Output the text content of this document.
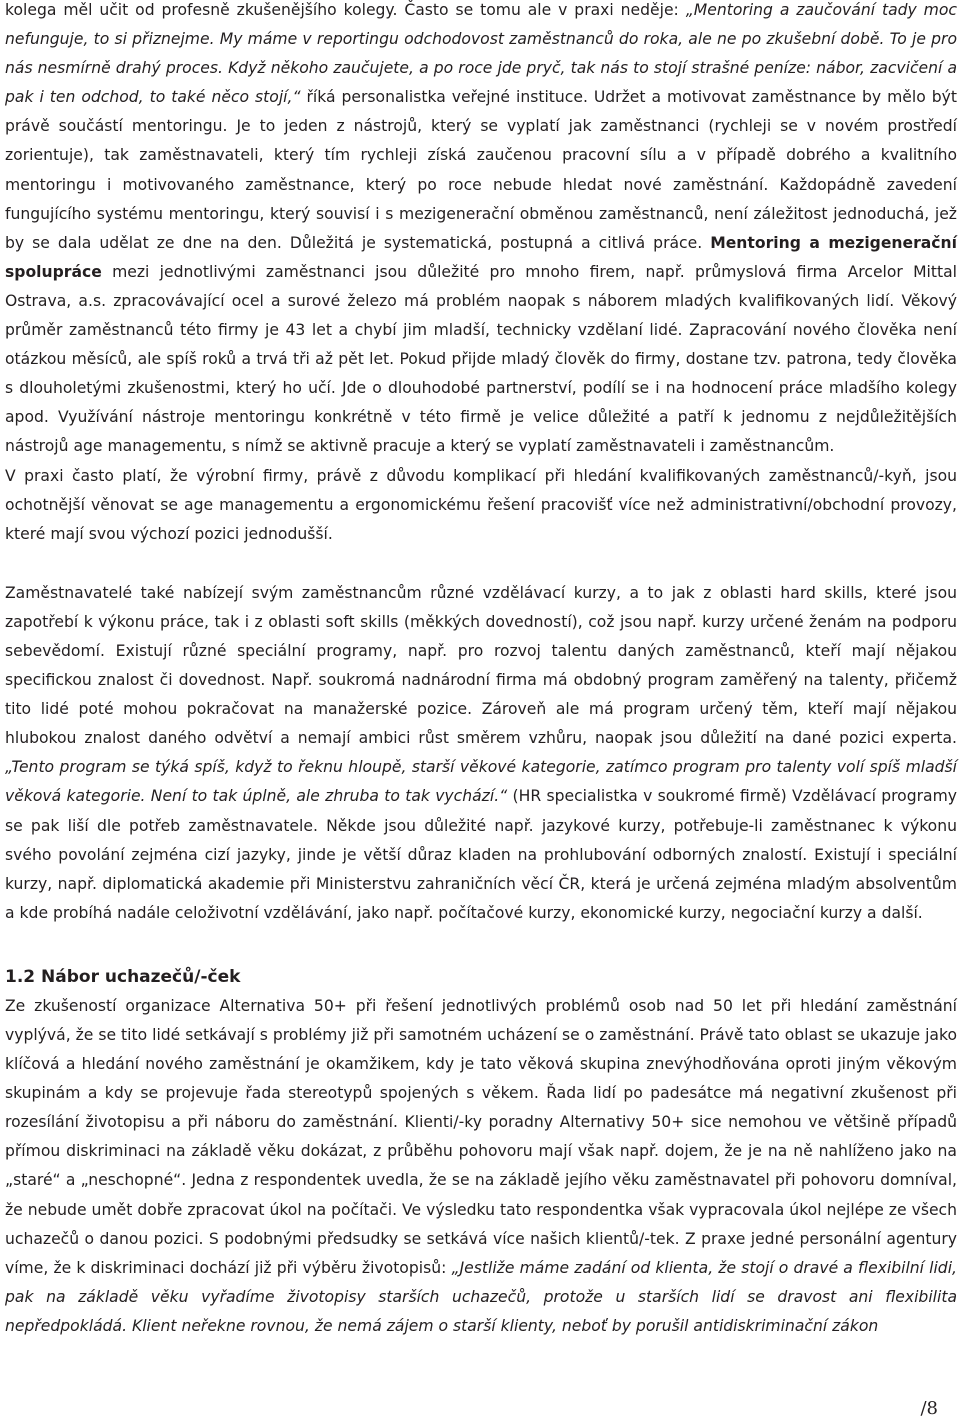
kolega měl učit od profesně zkušenějšího kolegy. Často se tomu ale v praxi neděje: „Mentoring a zaučování tady moc nefunguje, to si přiznejme. My máme v reportingu odchodovost zaměstnanců do roka, ale ne po zkušební době. To je pro nás nesmírně drahý proces. Když někoho zaučujete, a po roce jde pryč, tak nás to stojí strašné peníze: nábor, zacvičení a pak i ten odchod, to také něco stojí,“ říká personalistka veřejné instituce. Udržet a motivovat zaměstnance by mělo být právě součástí mentoringu. Je to jeden z nástrojů, který se vyplatí jak zaměstnanci (rychleji se v novém prostředí zorientuje), tak zaměstnavateli, který tím rychleji získá zaučenou pracovní sílu a v případě dobrého a kvalitního mentoringu i motivovaného zaměstnance, který po roce nebude hledat nové zaměstnání. Každopádně zavedení fungujícího systému mentoringu, který souvisí i s mezigenerační obměnou zaměstnanců, není záležitost jednoduchá, jež by se dala udělat ze dne na den. Důležitá je systematická, postupná a citlivá práce. Mentoring a mezigenerační spolupráce mezi jednotlivými zaměstnanci jsou důležité pro mnoho firem, např. průmyslová firma Arcelor Mittal Ostrava, a.s. zpracovávající ocel a surové železo má problém naopak s náborem mladých kvalifikovaných lidí. Věkový průměr zaměstnanců této firmy je 43 let a chybí jim mladší, technicky vzdělaní lidé. Zapracování nového člověka není otázkou měsíců, ale spíš roků a trvá tři až pět let. Pokud přijde mladý člověk do firmy, dostane tzv. patrona, tedy člověka s dlouholetými zkušenostmi, který ho učí. Jde o dlouhodobé partnerství, podílí se i na hodnocení práce mladšího kolegy apod. Využívání nástroje mentoringu konkrétně v této firmě je velice důležité a patří k jednomu z nejdůležitějších nástrojů age managementu, s nímž se aktivně pracuje a který se vyplatí zaměstnavateli i zaměstnancům.

V praxi často platí, že výrobní firmy, právě z důvodu komplikací při hledání kvalifikovaných zaměstnanců/-kyň, jsou ochotnější věnovat se age managementu a ergonomickému řešení pracovišť více než administrativní/obchodní provozy, které mají svou výchozí pozici jednodušší.

Zaměstnavatelé také nabízejí svým zaměstnancům různé vzdělávací kurzy, a to jak z oblasti hard skills, které jsou zapotřebí k výkonu práce, tak i z oblasti soft skills (měkkých dovedností), což jsou např. kurzy určené ženám na podporu sebevědomí. Existují různé speciální programy, např. pro rozvoj talentu daných zaměstnanců, kteří mají nějakou specifickou znalost či dovednost. Např. soukromá nadnárodní firma má obdobný program zaměřený na talenty, přičemž tito lidé poté mohou pokračovat na manažerské pozice. Zároveň ale má program určený těm, kteří mají nějakou hlubokou znalost daného odvětví a nemají ambici růst směrem vzhůru, naopak jsou důležití na dané pozici experta. „Tento program se týká spíš, když to řeknu hloupě, starší věkové kategorie, zatímco program pro talenty volí spíš mladší věková kategorie. Není to tak úplně, ale zhruba to tak vychází.“ (HR specialistka v soukromé firmě) Vzdělávací programy se pak liší dle potřeb zaměstnavatele. Někde jsou důležité např. jazykové kurzy, potřebuje-li zaměstnanec k výkonu svého povolání zejména cizí jazyky, jinde je větší důraz kladen na prohlubování odborných znalostí. Existují i speciální kurzy, např. diplomatická akademie při Ministerstvu zahraničních věcí ČR, která je určená zejména mladým absolventům a kde probíhá nadále celoživotní vzdělávání, jako např. počítačové kurzy, ekonomické kurzy, negociační kurzy a další.

1.2 Nábor uchazečů/-ček

Ze zkušeností organizace Alternativa 50+ při řešení jednotlivých problémů osob nad 50 let při hledání zaměstnání vyplývá, že se tito lidé setkávají s problémy již při samotném ucházení se o zaměstnání. Právě tato oblast se ukazuje jako klíčová a hledání nového zaměstnání je okamžikem, kdy je tato věková skupina znevýhodňována oproti jiným věkovým skupinám a kdy se projevuje řada stereotypů spojených s věkem. Řada lidí po padesátce má negativní zkušenost při rozesílání životopisu a při náboru do zaměstnání. Klienti/-ky poradny Alternativy 50+ sice nemohou ve většině případů přímou diskriminaci na základě věku dokázat, z průběhu pohovoru mají však např. dojem, že je na ně nahlíženo jako na „staré“ a „neschopné“. Jedna z respondentek uvedla, že se na základě jejího věku zaměstnavatel při pohovoru domníval, že nebude umět dobře zpracovat úkol na počítači. Ve výsledku tato respondentka však vypracovala úkol nejlépe ze všech uchazečů o danou pozici. S podobnými předsudky se setkává více našich klientů/-tek. Z praxe jedné personální agentury víme, že k diskriminaci dochází již při výběru životopisů: „Jestliže máme zadání od klienta, že stojí o dravé a flexibilní lidi, pak na základě věku vyřadíme životopisy starších uchazečů, protože u starších lidí se dravost ani flexibilita nepředpokládá. Klient neřekne rovnou, že nemá zájem o starší klienty, neboť by porušil antidiskriminační zákon

/8
